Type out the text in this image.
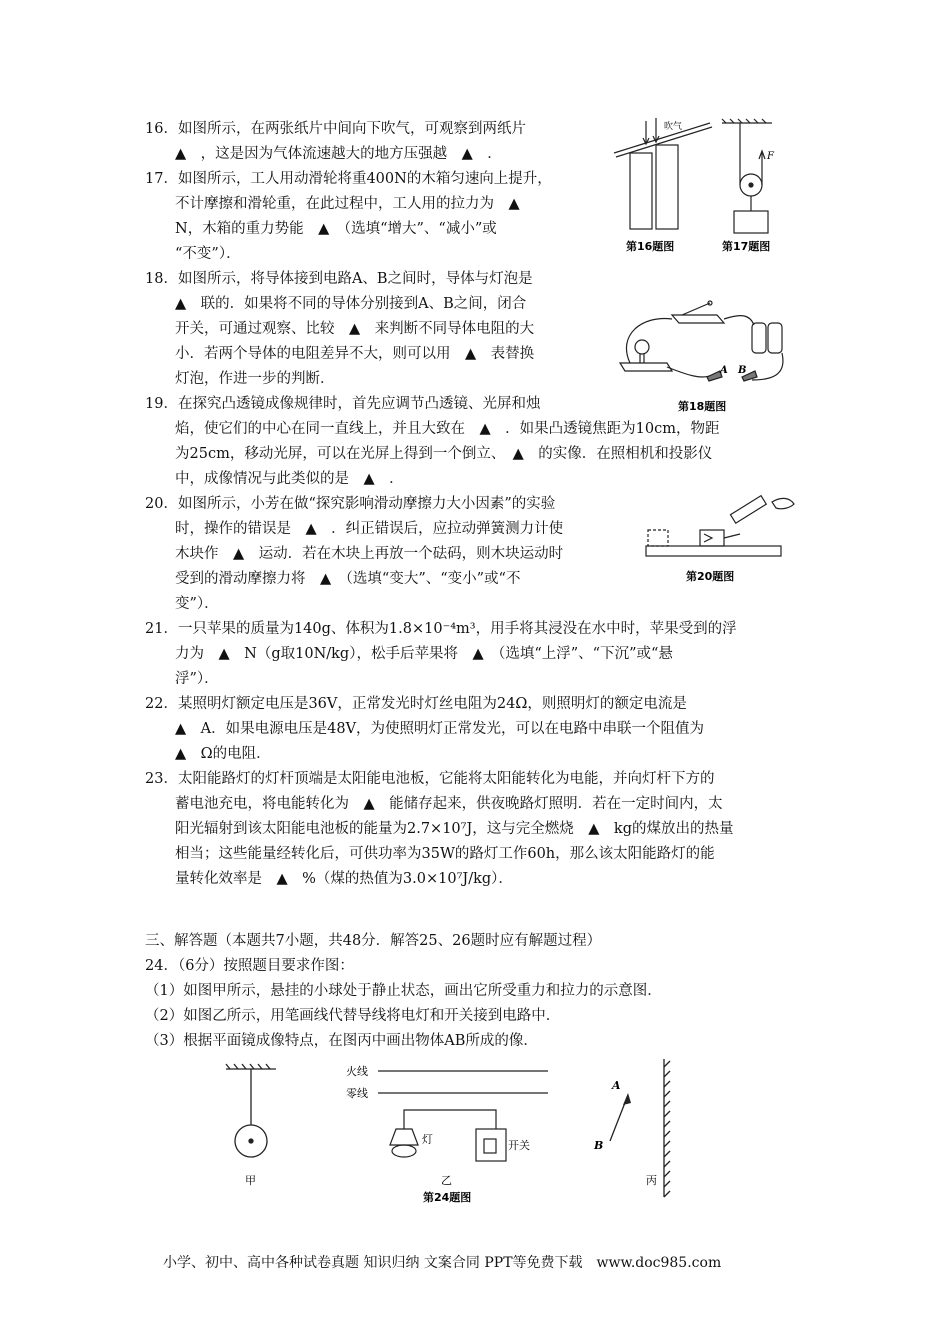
16．如图所示，在两张纸片中间向下吹气，可观察到两纸片
▲　，这是因为气体流速越大的地方压强越　▲　．
17．如图所示，工人用动滑轮将重400N的木箱匀速向上提升，
不计摩擦和滑轮重，在此过程中，工人用的拉力为　▲
N，木箱的重力势能　▲　（选填“增大”、“减小”或
“不变”）．
18．如图所示，将导体接到电路A、B之间时，导体与灯泡是
▲　联的．如果将不同的导体分别接到A、B之间，闭合
开关，可通过观察、比较　▲　来判断不同导体电阻的大
小．若两个导体的电阻差异不大，则可以用　▲　表替换
灯泡，作进一步的判断．
19．在探究凸透镜成像规律时，首先应调节凸透镜、光屏和烛
焰，使它们的中心在同一直线上，并且大致在　▲　．如果凸透镜焦距为10cm，物距
为25cm，移动光屏，可以在光屏上得到一个倒立、　▲　的实像．在照相机和投影仪
中，成像情况与此类似的是　▲　．
20．如图所示，小芳在做“探究影响滑动摩擦力大小因素”的实验
时，操作的错误是　▲　．纠正错误后，应拉动弹簧测力计使
木块作　▲　运动．若在木块上再放一个砝码，则木块运动时
受到的滑动摩擦力将　▲　（选填“变大”、“变小”或“不
变”）．
21．一只苹果的质量为140g、体积为1.8×10⁻⁴m³，用手将其浸没在水中时，苹果受到的浮
力为　▲　N（g取10N/kg），松手后苹果将　▲　（选填“上浮”、“下沉”或“悬
浮”）．
22．某照明灯额定电压是36V，正常发光时灯丝电阻为24Ω，则照明灯的额定电流是
▲　A．如果电源电压是48V，为使照明灯正常发光，可以在电路中串联一个阻值为
▲　Ω的电阻．
23．太阳能路灯的灯杆顶端是太阳能电池板，它能将太阳能转化为电能，并向灯杆下方的
蓄电池充电，将电能转化为　▲　能储存起来，供夜晚路灯照明．若在一定时间内，太
阳光辐射到该太阳能电池板的能量为2.7×10⁷J，这与完全燃烧　▲　kg的煤放出的热量
相当；这些能量经转化后，可供功率为35W的路灯工作60h，那么该太阳能路灯的能
量转化效率是　▲　%（煤的热值为3.0×10⁷J/kg）．
三、解答题（本题共7小题，共48分．解答25、26题时应有解题过程）
24．（6分）按照题目要求作图：
（1）如图甲所示，悬挂的小球处于静止状态，画出它所受重力和拉力的示意图．
（2）如图乙所示，用笔画线代替导线将电灯和开关接到电路中．
（3）根据平面镜成像特点，在图丙中画出物体AB所成的像．
吹气
第16题图
F
第17题图
A B
第18题图
第20题图
甲
火线
零线
灯	开关
乙
A
B
丙
第24题图
小学、初中、高中各种试卷真题 知识归纳 文案合同 PPT等免费下载　www.doc985.com
